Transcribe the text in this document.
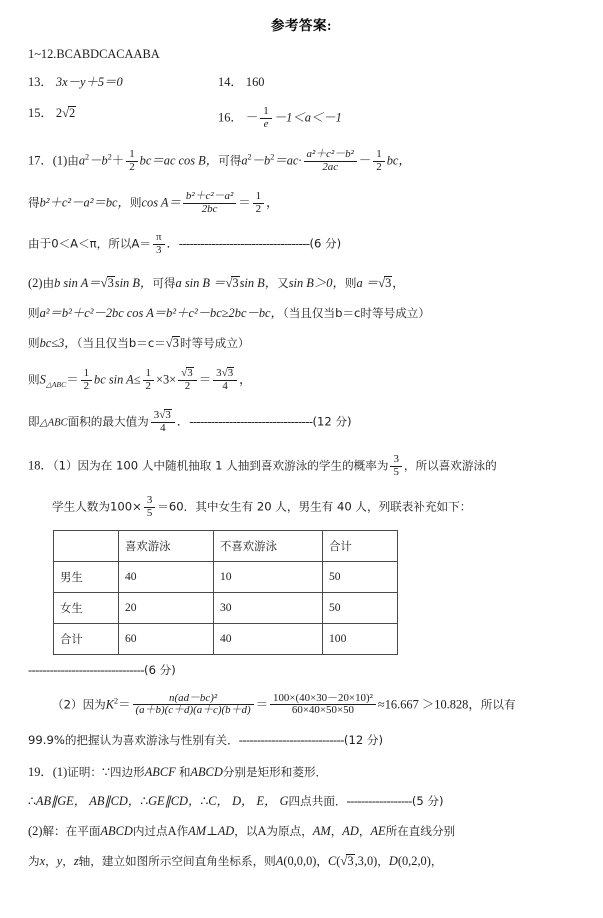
参考答案:
1~12.BCABDCACAABA
13． 3x－y＋5＝0	14． 160
15． 2√2	16． － $\frac{1}{e} -1<a<-1$
17．(1)由$a^2-b^2+ \frac{1}{2} bc=ac$ cos B，可得$a^2-b^2=ac\cdot \frac{\text{a²＋c²－b²}}{2ac} - \frac{1}{2}$ bc，
得b²＋c²－a²＝bc，则$\cos A= \frac{\text{b²＋c²－a²}}{2bc} = \frac{1}{2}$ ，
由于0＜A＜π，所以$A= \frac{\pi}{3}$ ．------------------------------------(6 分)
(2)由b sin A＝√3sin B，可得a sin B ＝√3sin B，又sin B＞0，则a ＝√3，
则a²＝b²＋c²－2bc cos A＝b²＋c²－bc≥2bc－bc，（当且仅当b＝c时等号成立）
则bc≤3，（当且仅当b＝c＝√3时等号成立）
则$S_{\triangle ABC}= \frac{1}{2}$ bc $\sin A\le \frac{1}{2} \times 3\times \frac{√3}{2} = \frac{3√3}{4}$ ，
即△ABC面积的最大值为 $\frac{3√3}{4}$ ．----------------------------------(12 分)
18．（1）因为在 100 人中随机抽取 1 人抽到喜欢游泳的学生的概率为 $\frac{3}{5}$ ，所以喜欢游泳的
学生人数为$100\times \frac{3}{5} =60$．其中女生有 20 人，男生有 40 人，列联表补充如下：
	喜欢游泳	不喜欢游泳	合计
男生	40	10	50
女生	20	30	50
合计	60	40	100
--------------------------------(6 分)
（2）因为$K^2= \frac{\text{n(ad－bc)²}}{(a+b)(c+d)(a+c)(b+d)} = \frac{\text{100×(40×30－20×10)²}}{60\times 40\times 50\times 50} \approx 16.667 >10.828$，所以有
99.9%的把握认为喜欢游泳与性别有关．-----------------------------(12 分)
19．(1)证明：∵四边形ABCF 和ABCD分别是矩形和菱形．
∴AB∥GE， AB∥CD，∴GE∥CD，∴C， D， E， G四点共面．------------------(5 分)
(2)解：在平面ABCD内过点A作AM⊥AD，以A为原点，AM，AD，AE所在直线分别
为x，y，z轴，建立如图所示空间直角坐标系，则A(0,0,0)，C(√3,3,0)，D(0,2,0)，
